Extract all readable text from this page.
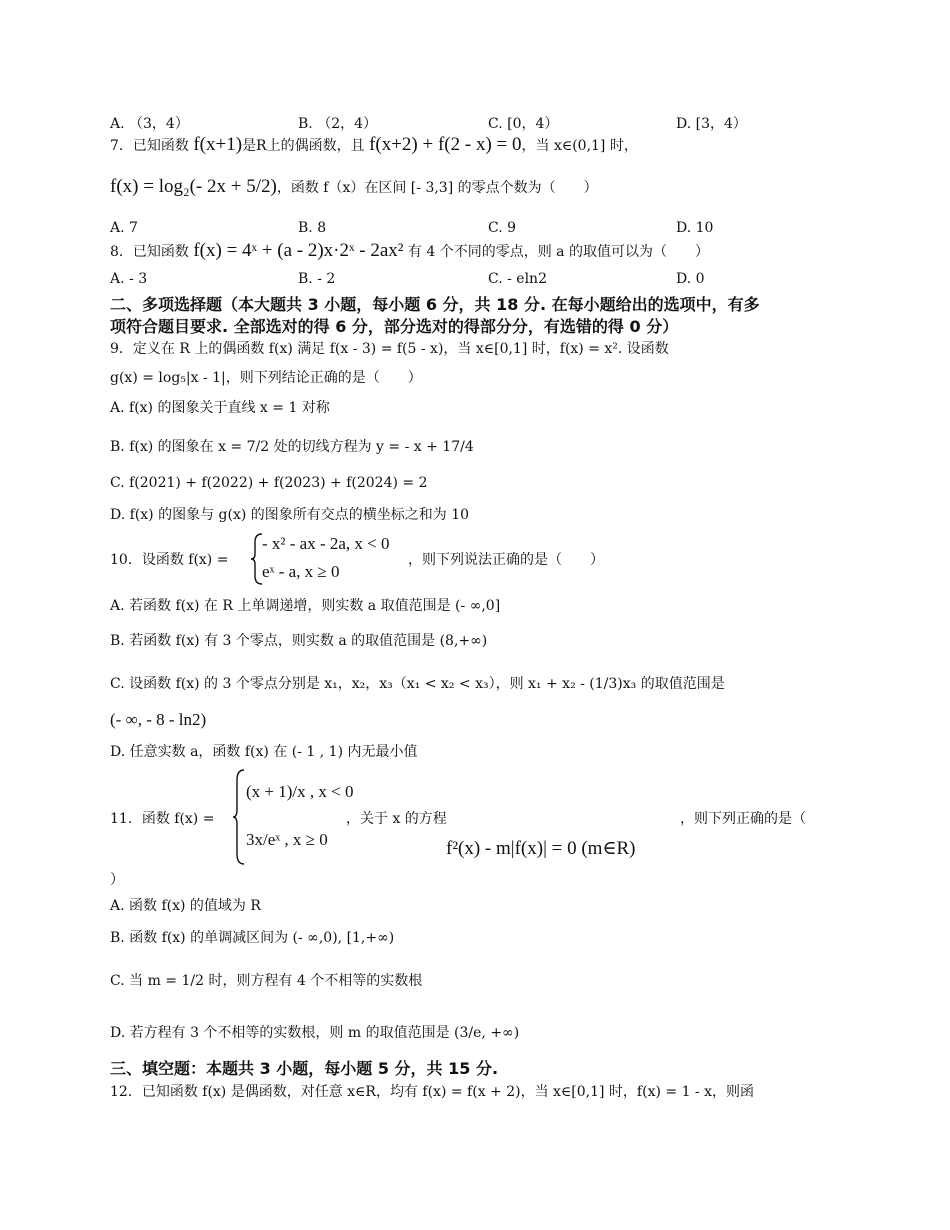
A. （3，4）	B. （2，4）	C. [0，4）	D. [3，4）
7．已知函数 f(x+1)是R上的偶函数，且 f(x+2) + f(2 - x) = 0，当 x∈(0,1] 时，
f(x) = log₂(- 2x + 5/2)，函数 f（x）在区间 [- 3,3] 的零点个数为（　　）
A. 7	B. 8	C. 9	D. 10
8．已知函数 f(x) = 4ˣ + (a - 2)x·2ˣ - 2ax² 有 4 个不同的零点，则 a 的取值可以为（　　）
A. - 3	B. - 2	C. - eln2	D. 0
二、多项选择题（本大题共 3 小题，每小题 6 分，共 18 分. 在每小题给出的选项中，有多
项符合题目要求. 全部选对的得 6 分，部分选对的得部分分，有选错的得 0 分）
9．定义在 R 上的偶函数 f(x) 满足 f(x - 3) = f(5 - x)，当 x∈[0,1] 时，f(x) = x². 设函数
g(x) = log₅|x - 1|，则下列结论正确的是（　　）
A. f(x) 的图象关于直线 x = 1 对称
B. f(x) 的图象在 x = 7/2 处的切线方程为 y = - x + 17/4
C. f(2021) + f(2022) + f(2023) + f(2024) = 2
D. f(x) 的图象与 g(x) 的图象所有交点的横坐标之和为 10
10．设函数 f(x) =
- x² - ax - 2a, x < 0
eˣ - a, x ≥ 0
，则下列说法正确的是（　　）
A. 若函数 f(x) 在 R 上单调递增，则实数 a 取值范围是 (- ∞,0]
B. 若函数 f(x) 有 3 个零点，则实数 a 的取值范围是 (8,+∞)
C. 设函数 f(x) 的 3 个零点分别是 x₁，x₂，x₃（x₁ < x₂ < x₃），则 x₁ + x₂ - (1/3)x₃ 的取值范围是
(- ∞, - 8 - ln2)
D. 任意实数 a，函数 f(x) 在 (- 1 , 1) 内无最小值
11．函数 f(x) =
(x + 1)/x , x < 0
3x/eˣ , x ≥ 0
，关于 x 的方程
f²(x) - m|f(x)| = 0 (m∈R)
，则下列正确的是（
）
A. 函数 f(x) 的值域为 R
B. 函数 f(x) 的单调减区间为 (- ∞,0), [1,+∞)
C. 当 m = 1/2 时，则方程有 4 个不相等的实数根
D. 若方程有 3 个不相等的实数根，则 m 的取值范围是 (3/e, +∞)
三、填空题：本题共 3 小题，每小题 5 分，共 15 分.
12．已知函数 f(x) 是偶函数，对任意 x∈R，均有 f(x) = f(x + 2)，当 x∈[0,1] 时，f(x) = 1 - x，则函
